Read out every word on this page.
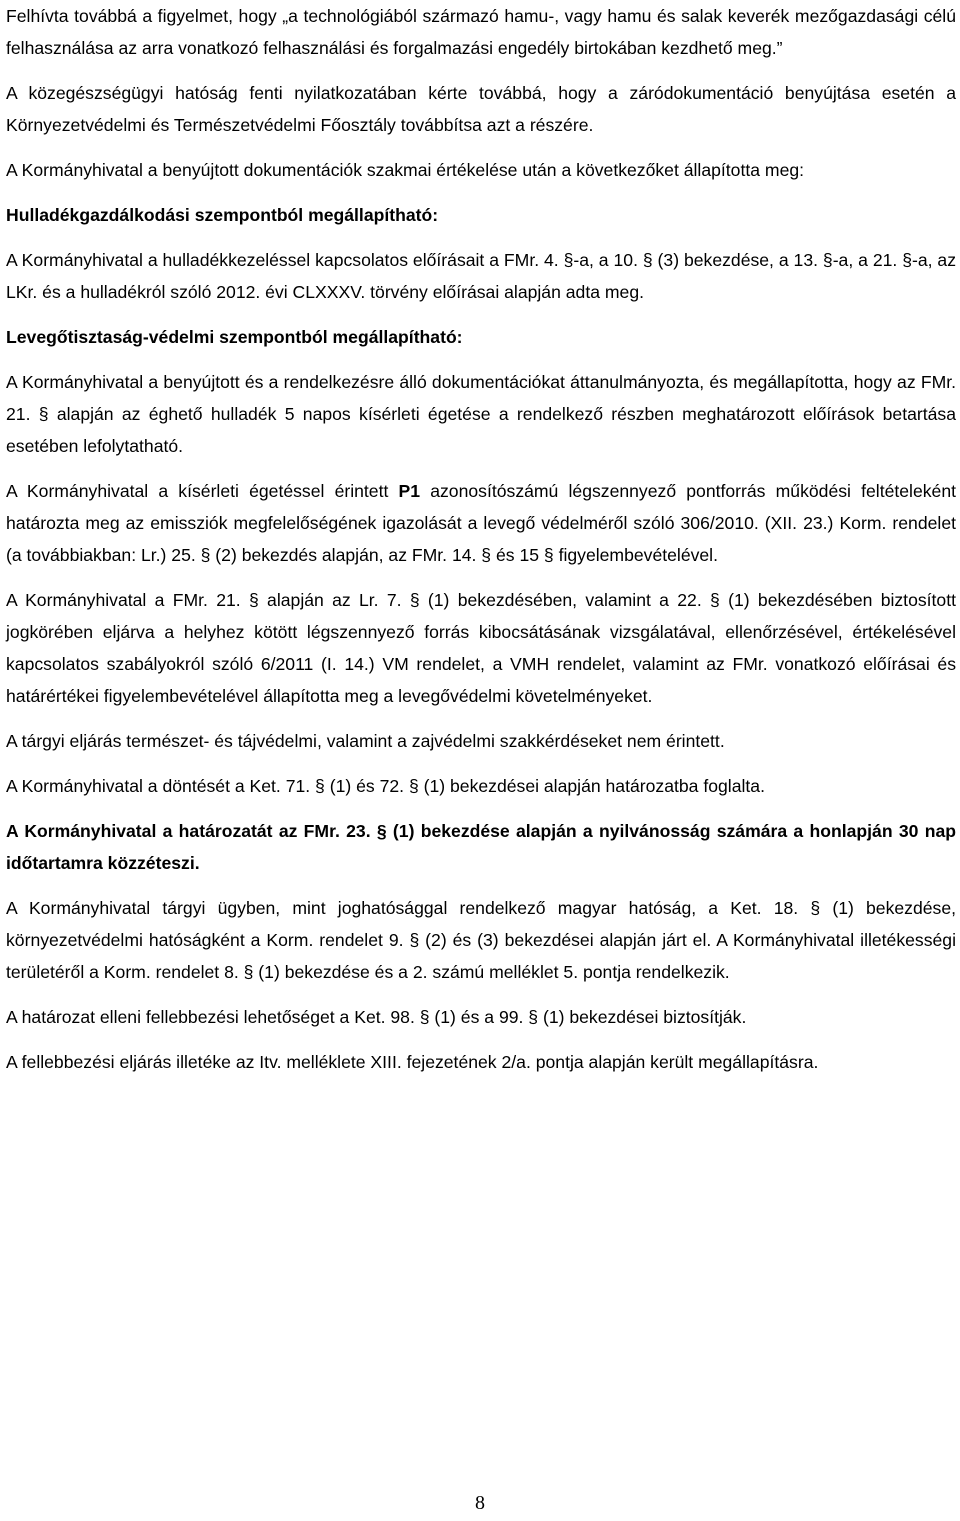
Felhívta továbbá a figyelmet, hogy „a technológiából származó hamu-, vagy hamu és salak keverék mezőgazdasági célú felhasználása az arra vonatkozó felhasználási és forgalmazási engedély birtokában kezdhető meg.”

A közegészségügyi hatóság fenti nyilatkozatában kérte továbbá, hogy a záródokumentáció benyújtása esetén a Környezetvédelmi és Természetvédelmi Főosztály továbbítsa azt a részére.

A Kormányhivatal a benyújtott dokumentációk szakmai értékelése után a következőket állapította meg:

Hulladékgazdálkodási szempontból megállapítható:

A Kormányhivatal a hulladékkezeléssel kapcsolatos előírásait a FMr. 4. §-a, a 10. § (3) bekezdése, a 13. §-a, a 21. §-a, az LKr. és a hulladékról szóló 2012. évi CLXXXV. törvény előírásai alapján adta meg.

Levegőtisztaság-védelmi szempontból megállapítható:

A Kormányhivatal a benyújtott és a rendelkezésre álló dokumentációkat áttanulmányozta, és megállapította, hogy az FMr. 21. § alapján az éghető hulladék 5 napos kísérleti égetése a rendelkező részben meghatározott előírások betartása esetében lefolytatható.

A Kormányhivatal a kísérleti égetéssel érintett P1 azonosítószámú légszennyező pontforrás működési feltételeként határozta meg az emissziók megfelelőségének igazolását a levegő védelméről szóló 306/2010. (XII. 23.) Korm. rendelet (a továbbiakban: Lr.) 25. § (2) bekezdés alapján, az FMr. 14. § és 15 § figyelembevételével.

A Kormányhivatal a FMr. 21. § alapján az Lr. 7. § (1) bekezdésében, valamint a 22. § (1) bekezdésében biztosított jogkörében eljárva a helyhez kötött légszennyező forrás kibocsátásának vizsgálatával, ellenőrzésével, értékelésével kapcsolatos szabályokról szóló 6/2011 (I. 14.) VM rendelet, a VMH rendelet, valamint az FMr. vonatkozó előírásai és határértékei figyelembevételével állapította meg a levegővédelmi követelményeket.

A tárgyi eljárás természet- és tájvédelmi, valamint a zajvédelmi szakkérdéseket nem érintett.

A Kormányhivatal a döntését a Ket. 71. § (1) és 72. § (1) bekezdései alapján határozatba foglalta.

A Kormányhivatal a határozatát az FMr. 23. § (1) bekezdése alapján a nyilvánosság számára a honlapján 30 nap időtartamra közzéteszi.

A Kormányhivatal tárgyi ügyben, mint joghatósággal rendelkező magyar hatóság, a Ket. 18. § (1) bekezdése, környezetvédelmi hatóságként a Korm. rendelet 9. § (2) és (3) bekezdései alapján járt el. A Kormányhivatal illetékességi területéről a Korm. rendelet 8. § (1) bekezdése és a 2. számú melléklet 5. pontja rendelkezik.

A határozat elleni fellebbezési lehetőséget a Ket. 98. § (1) és a 99. § (1) bekezdései biztosítják.

A fellebbezési eljárás illetéke az Itv. melléklete XIII. fejezetének 2/a. pontja alapján került megállapításra.

8
